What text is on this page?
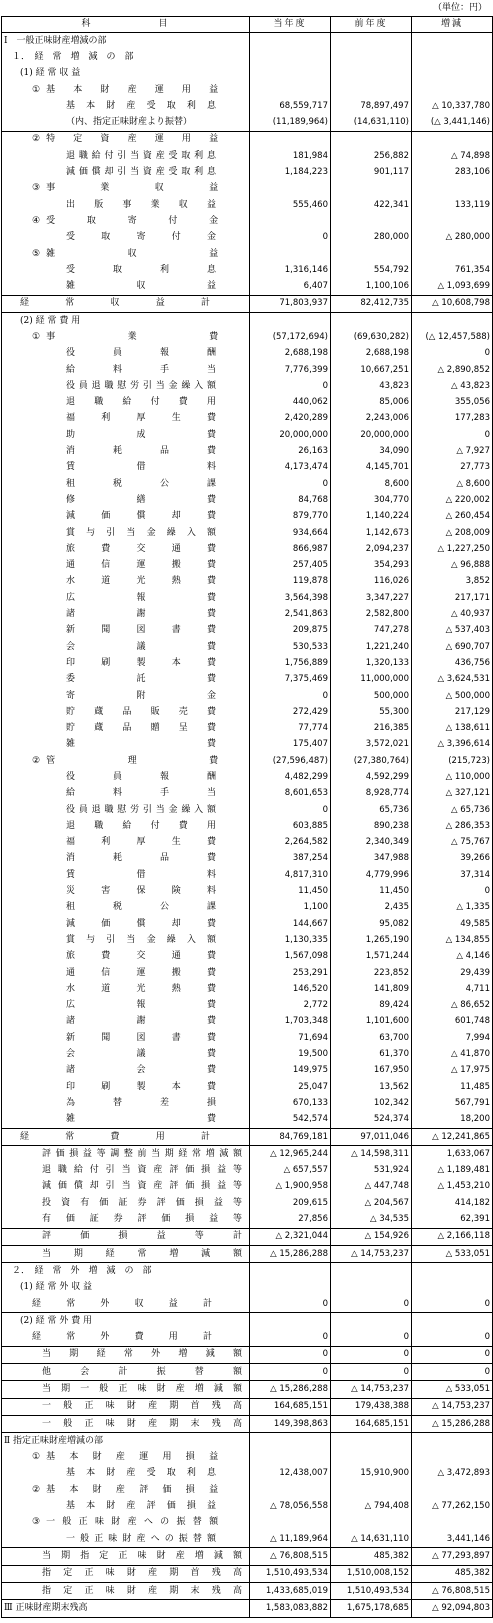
（単位：円）
科　　　　　　目	当年度	前年度	増減

Ⅰ　一般正味財産増減の部			

１．　経　常　増　減　の　部			

(1) 経 常 収 益			

① 基本財産運用益			

基本財産受取利息	68,559,717	78,897,497	△ 10,337,780

（内、指定正味財産より振替）	(11,189,964)	(14,631,110)	(△ 3,441,146)

② 特定資産運用益			

退職給付引当資産受取利息	181,984	256,882	△ 74,898

減価償却引当資産受取利息	1,184,223	901,117	283,106

③ 事業収益			

出版事業収益	555,460	422,341	133,119

④ 受取寄付金			

受取寄付金	0	280,000	△ 280,000

⑤ 雑収益			

受取利息	1,316,146	554,792	761,354

雑収益	6,407	1,100,106	△ 1,093,699

経常収益計	71,803,937	82,412,735	△ 10,608,798

(2) 経 常 費 用			

① 事業費	(57,172,694)	(69,630,282)	(△ 12,457,588)

役員報酬	2,688,198	2,688,198	0

給料手当	7,776,399	10,667,251	△ 2,890,852

役員退職慰労引当金繰入額	0	43,823	△ 43,823

退職給付費用	440,062	85,006	355,056

福利厚生費	2,420,289	2,243,006	177,283

助成費	20,000,000	20,000,000	0

消耗品費	26,163	34,090	△ 7,927

賃借料	4,173,474	4,145,701	27,773

租税公課	0	8,600	△ 8,600

修繕費	84,768	304,770	△ 220,002

減価償却費	879,770	1,140,224	△ 260,454

賞与引当金繰入額	934,664	1,142,673	△ 208,009

旅費交通費	866,987	2,094,237	△ 1,227,250

通信運搬費	257,405	354,293	△ 96,888

水道光熱費	119,878	116,026	3,852

広報費	3,564,398	3,347,227	217,171

諸謝費	2,541,863	2,582,800	△ 40,937

新聞図書費	209,875	747,278	△ 537,403

会議費	530,533	1,221,240	△ 690,707

印刷製本費	1,756,889	1,320,133	436,756

委託費	7,375,469	11,000,000	△ 3,624,531

寄附金	0	500,000	△ 500,000

貯蔵品販売費	272,429	55,300	217,129

貯蔵品贈呈費	77,774	216,385	△ 138,611

雑費	175,407	3,572,021	△ 3,396,614

② 管理費	(27,596,487)	(27,380,764)	(215,723)

役員報酬	4,482,299	4,592,299	△ 110,000

給料手当	8,601,653	8,928,774	△ 327,121

役員退職慰労引当金繰入額	0	65,736	△ 65,736

退職給付費用	603,885	890,238	△ 286,353

福利厚生費	2,264,582	2,340,349	△ 75,767

消耗品費	387,254	347,988	39,266

賃借料	4,817,310	4,779,996	37,314

災害保険料	11,450	11,450	0

租税公課	1,100	2,435	△ 1,335

減価償却費	144,667	95,082	49,585

賞与引当金繰入額	1,130,335	1,265,190	△ 134,855

旅費交通費	1,567,098	1,571,244	△ 4,146

通信運搬費	253,291	223,852	29,439

水道光熱費	146,520	141,809	4,711

広報費	2,772	89,424	△ 86,652

諸謝費	1,703,348	1,101,600	601,748

新聞図書費	71,694	63,700	7,994

会議費	19,500	61,370	△ 41,870

諸会費	149,975	167,950	△ 17,975

印刷製本費	25,047	13,562	11,485

為替差損	670,133	102,342	567,791

雑費	542,574	524,374	18,200

経常費用計	84,769,181	97,011,046	△ 12,241,865

評価損益等調整前当期経常増減額	△ 12,965,244	△ 14,598,311	1,633,067

退職給付引当資産評価損益等	△ 657,557	531,924	△ 1,189,481

減価償却引当資産評価損益等	△ 1,900,958	△ 447,748	△ 1,453,210

投資有価証券評価損益等	209,615	△ 204,567	414,182

有価証券評価損益等	27,856	△ 34,535	62,391

評価損益等計	△ 2,321,044	△ 154,926	△ 2,166,118

当期経常増減額	△ 15,286,288	△ 14,753,237	△ 533,051

２．　経　常　外　増　減　の　部			

(1) 経 常 外 収 益			

経常外収益計	0	0	0

(2) 経 常 外 費 用			

経常外費用計	0	0	0

当期経常外増減額	0	0	0

他会計振替額	0	0	0

当期一般正味財産増減額	△ 15,286,288	△ 14,753,237	△ 533,051

一般正味財産期首残高	164,685,151	179,438,388	△ 14,753,237

一般正味財産期末残高	149,398,863	164,685,151	△ 15,286,288

Ⅱ 指定正味財産増減の部			

① 基本財産運用損益			

基本財産受取利息	12,438,007	15,910,900	△ 3,472,893

② 基本財産評価損益			

基本財産評価損益	△ 78,056,558	△ 794,408	△ 77,262,150

③ 一般正味財産への振替額			

一般正味財産への振替額	△ 11,189,964	△ 14,631,110	3,441,146

当期指定正味財産増減額	△ 76,808,515	485,382	△ 77,293,897

指定正味財産期首残高	1,510,493,534	1,510,008,152	485,382

指定正味財産期末残高	1,433,685,019	1,510,493,534	△ 76,808,515

Ⅲ 正味財産期末残高	1,583,083,882	1,675,178,685	△ 92,094,803
